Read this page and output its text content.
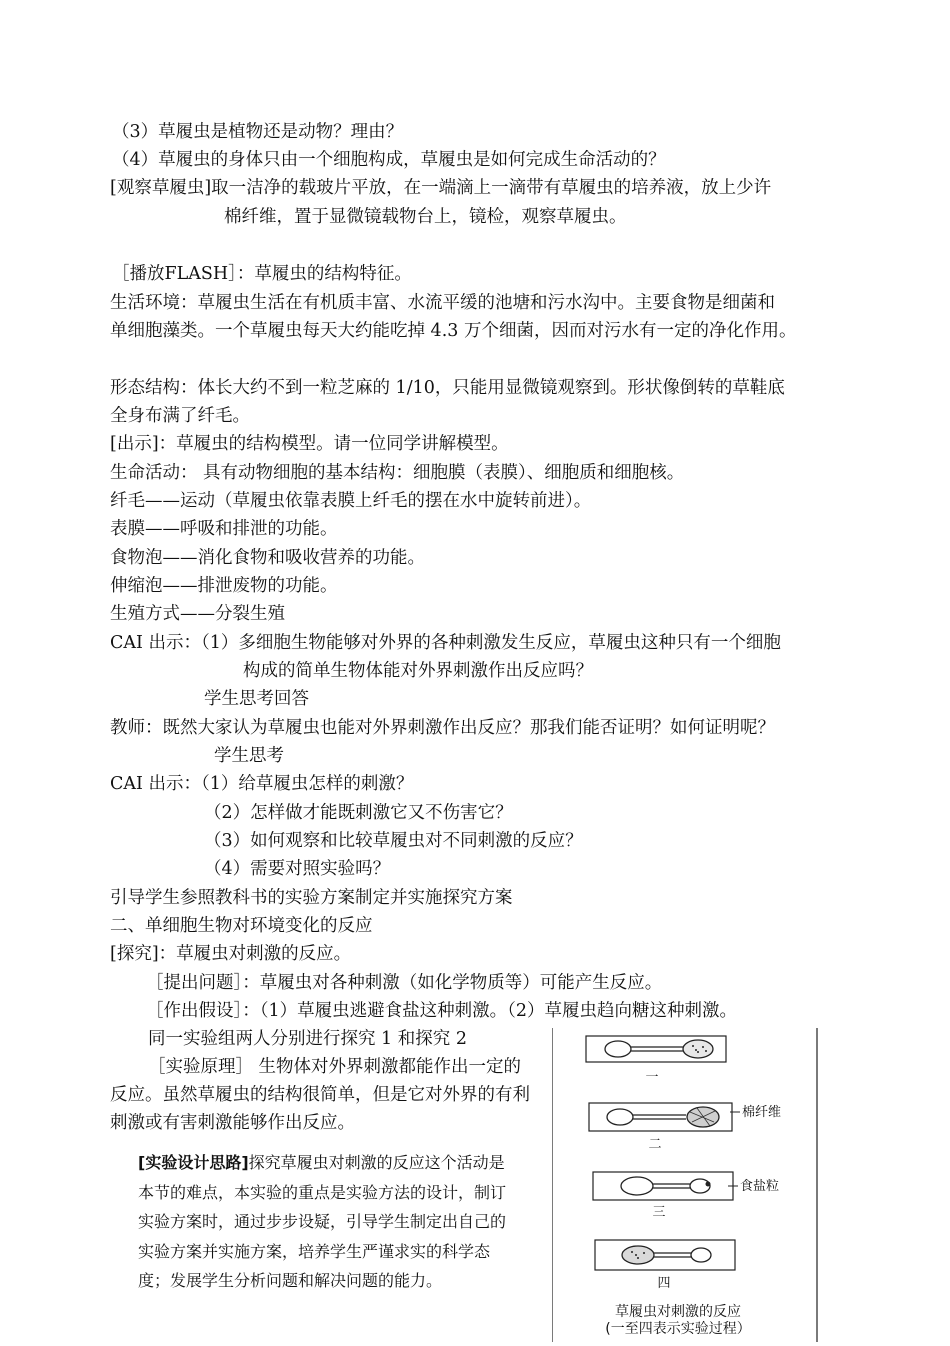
（3）草履虫是植物还是动物？理由？
（4）草履虫的身体只由一个细胞构成，草履虫是如何完成生命活动的？
[观察草履虫]取一洁净的载玻片平放，在一端滴上一滴带有草履虫的培养液，放上少许
棉纤维，置于显微镜载物台上，镜检，观察草履虫。
［播放FLASH］：草履虫的结构特征。
生活环境：草履虫生活在有机质丰富、水流平缓的池塘和污水沟中。主要食物是细菌和
单细胞藻类。一个草履虫每天大约能吃掉 4.3 万个细菌，因而对污水有一定的净化作用。
形态结构：体长大约不到一粒芝麻的 1/10，只能用显微镜观察到。形状像倒转的草鞋底
全身布满了纤毛。
[出示]：草履虫的结构模型。请一位同学讲解模型。
生命活动： 具有动物细胞的基本结构：细胞膜（表膜）、细胞质和细胞核。
纤毛——运动（草履虫依靠表膜上纤毛的摆在水中旋转前进）。
表膜——呼吸和排泄的功能。
食物泡——消化食物和吸收营养的功能。
伸缩泡——排泄废物的功能。
生殖方式——分裂生殖
CAI 出示：（1）多细胞生物能够对外界的各种刺激发生反应，草履虫这种只有一个细胞
构成的简单生物体能对外界刺激作出反应吗？
学生思考回答
教师：既然大家认为草履虫也能对外界刺激作出反应？那我们能否证明？如何证明呢？
学生思考
CAI 出示：（1）给草履虫怎样的刺激？
（2）怎样做才能既刺激它又不伤害它？
（3）如何观察和比较草履虫对不同刺激的反应？
（4）需要对照实验吗？
引导学生参照教科书的实验方案制定并实施探究方案
二、单细胞生物对环境变化的反应
[探究]：草履虫对刺激的反应。
［提出问题］：草履虫对各种刺激（如化学物质等）可能产生反应。
［作出假设］：（1）草履虫逃避食盐这种刺激。（2）草履虫趋向糖这种刺激。
同一实验组两人分别进行探究 1 和探究 2
［实验原理］ 生物体对外界刺激都能作出一定的反应。虽然草履虫的结构很简单，但是它对外界的有利刺激或有害刺激能够作出反应。
[实验设计思路]探究草履虫对刺激的反应这个活动是本节的难点，本实验的重点是实验方法的设计，制订实验方案时，通过步步设疑，引导学生制定出自己的实验方案并实施方案，培养学生严谨求实的科学态度；发展学生分析问题和解决问题的能力。
一
棉纤维
二
食盐粒
三
四
草履虫对刺激的反应
(一至四表示实验过程）
